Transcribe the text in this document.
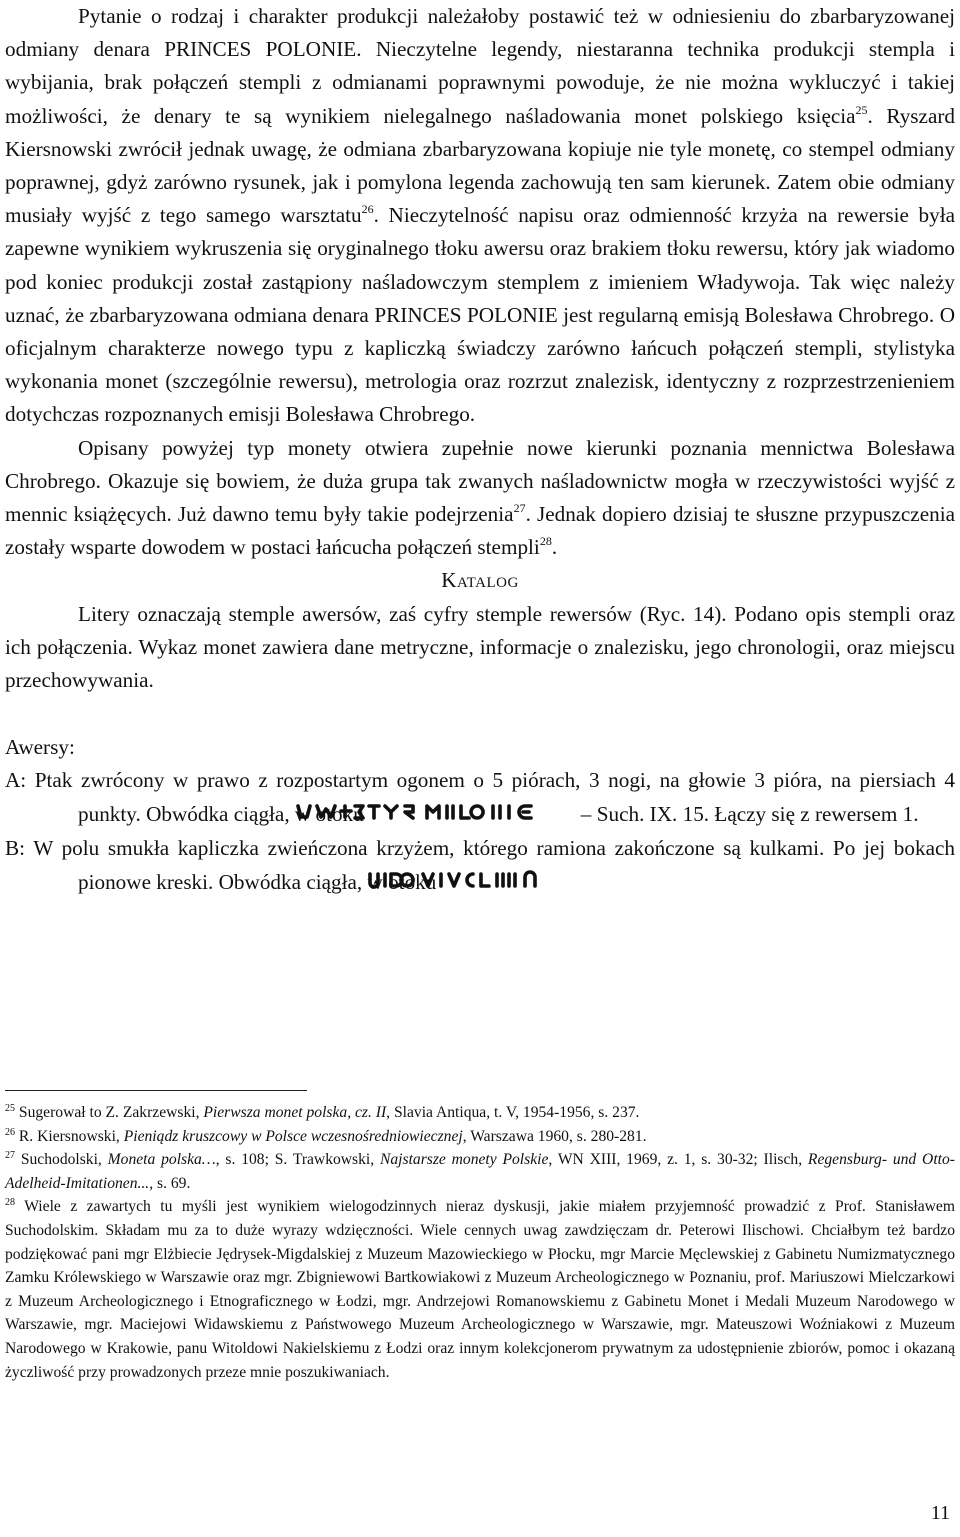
Pytanie o rodzaj i charakter produkcji należałoby postawić też w odniesieniu do zbarbaryzowanej odmiany denara PRINCES POLONIE. Nieczytelne legendy, niestaranna technika produkcji stempla i wybijania, brak połączeń stempli z odmianami poprawnymi powoduje, że nie można wykluczyć i takiej możliwości, że denary te są wynikiem nielegalnego naśladowania monet polskiego księcia$^{25}$. Ryszard Kiersnowski zwrócił jednak uwagę, że odmiana zbarbaryzowana kopiuje nie tyle monetę, co stempel odmiany poprawnej, gdyż zarówno rysunek, jak i pomylona legenda zachowują ten sam kierunek. Zatem obie odmiany musiały wyjść z tego samego warsztatu$^{26}$. Nieczytelność napisu oraz odmienność krzyża na rewersie była zapewne wynikiem wykruszenia się oryginalnego tłoku awersu oraz brakiem tłoku rewersu, który jak wiadomo pod koniec produkcji został zastąpiony naśladowczym stemplem z imieniem Władywoja. Tak więc należy uznać, że zbarbaryzowana odmiana denara PRINCES POLONIE jest regularną emisją Bolesława Chrobrego. O oficjalnym charakterze nowego typu z kapliczką świadczy zarówno łańcuch połączeń stempli, stylistyka wykonania monet (szczególnie rewersu), metrologia oraz rozrzut znalezisk, identyczny z rozprzestrzenieniem dotychczas rozpoznanych emisji Bolesława Chrobrego.

Opisany powyżej typ monety otwiera zupełnie nowe kierunki poznania mennictwa Bolesława Chrobrego. Okazuje się bowiem, że duża grupa tak zwanych naśladownictw mogła w rzeczywistości wyjść z mennic książęcych. Już dawno temu były takie podejrzenia$^{27}$. Jednak dopiero dzisiaj te słuszne przypuszczenia zostały wsparte dowodem w postaci łańcucha połączeń stempli$^{28}$.

Katalog

Litery oznaczają stemple awersów, zaś cyfry stemple rewersów (Ryc. 14). Podano opis stempli oraz ich połączenia. Wykaz monet zawiera dane metryczne, informacje o znalezisku, jego chronologii, oraz miejscu przechowywania.

Awersy:

A: Ptak zwrócony w prawo z rozpostartym ogonem o 5 piórach, 3 nogi, na głowie 3 pióra, na piersiach 4 punkty. Obwódka ciągła, w otoku	– Such. IX. 15. Łączy się z rewersem 1.

B: W polu smukła kapliczka zwieńczona krzyżem, którego ramiona zakończone są kulkami. Po jej bokach pionowe kreski. Obwódka ciągła, w otoku

$^{25}$ Sugerował to Z. Zakrzewski, Pierwsza monet polska, cz. II, Slavia Antiqua, t. V, 1954-1956, s. 237.

$^{26}$ R. Kiersnowski, Pieniądz kruszcowy w Polsce wczesnośredniowiecznej, Warszawa 1960, s. 280-281.

$^{27}$ Suchodolski, Moneta polska…, s. 108; S. Trawkowski, Najstarsze monety Polskie, WN XIII, 1969, z. 1, s. 30-32; Ilisch, Regensburg- und Otto-Adelheid-Imitationen..., s. 69.

$^{28}$ Wiele z zawartych tu myśli jest wynikiem wielogodzinnych nieraz dyskusji, jakie miałem przyjemność prowadzić z Prof. Stanisławem Suchodolskim. Składam mu za to duże wyrazy wdzięczności. Wiele cennych uwag zawdzięczam dr. Peterowi Ilischowi. Chciałbym też bardzo podziękować pani mgr Elżbiecie Jędrysek-Migdalskiej z Muzeum Mazowieckiego w Płocku, mgr Marcie Męclewskiej z Gabinetu Numizmatycznego Zamku Królewskiego w Warszawie oraz mgr. Zbigniewowi Bartkowiakowi z Muzeum Archeologicznego w Poznaniu, prof. Mariuszowi Mielczarkowi z Muzeum Archeologicznego i Etnograficznego w Łodzi, mgr. Andrzejowi Romanowskiemu z Gabinetu Monet i Medali Muzeum Narodowego w Warszawie, mgr. Maciejowi Widawskiemu z Państwowego Muzeum Archeologicznego w Warszawie, mgr. Mateuszowi Woźniakowi z Muzeum Narodowego w Krakowie, panu Witoldowi Nakielskiemu z Łodzi oraz innym kolekcjonerom prywatnym za udostępnienie zbiorów, pomoc i okazaną życzliwość przy prowadzonych przeze mnie poszukiwaniach.

11
